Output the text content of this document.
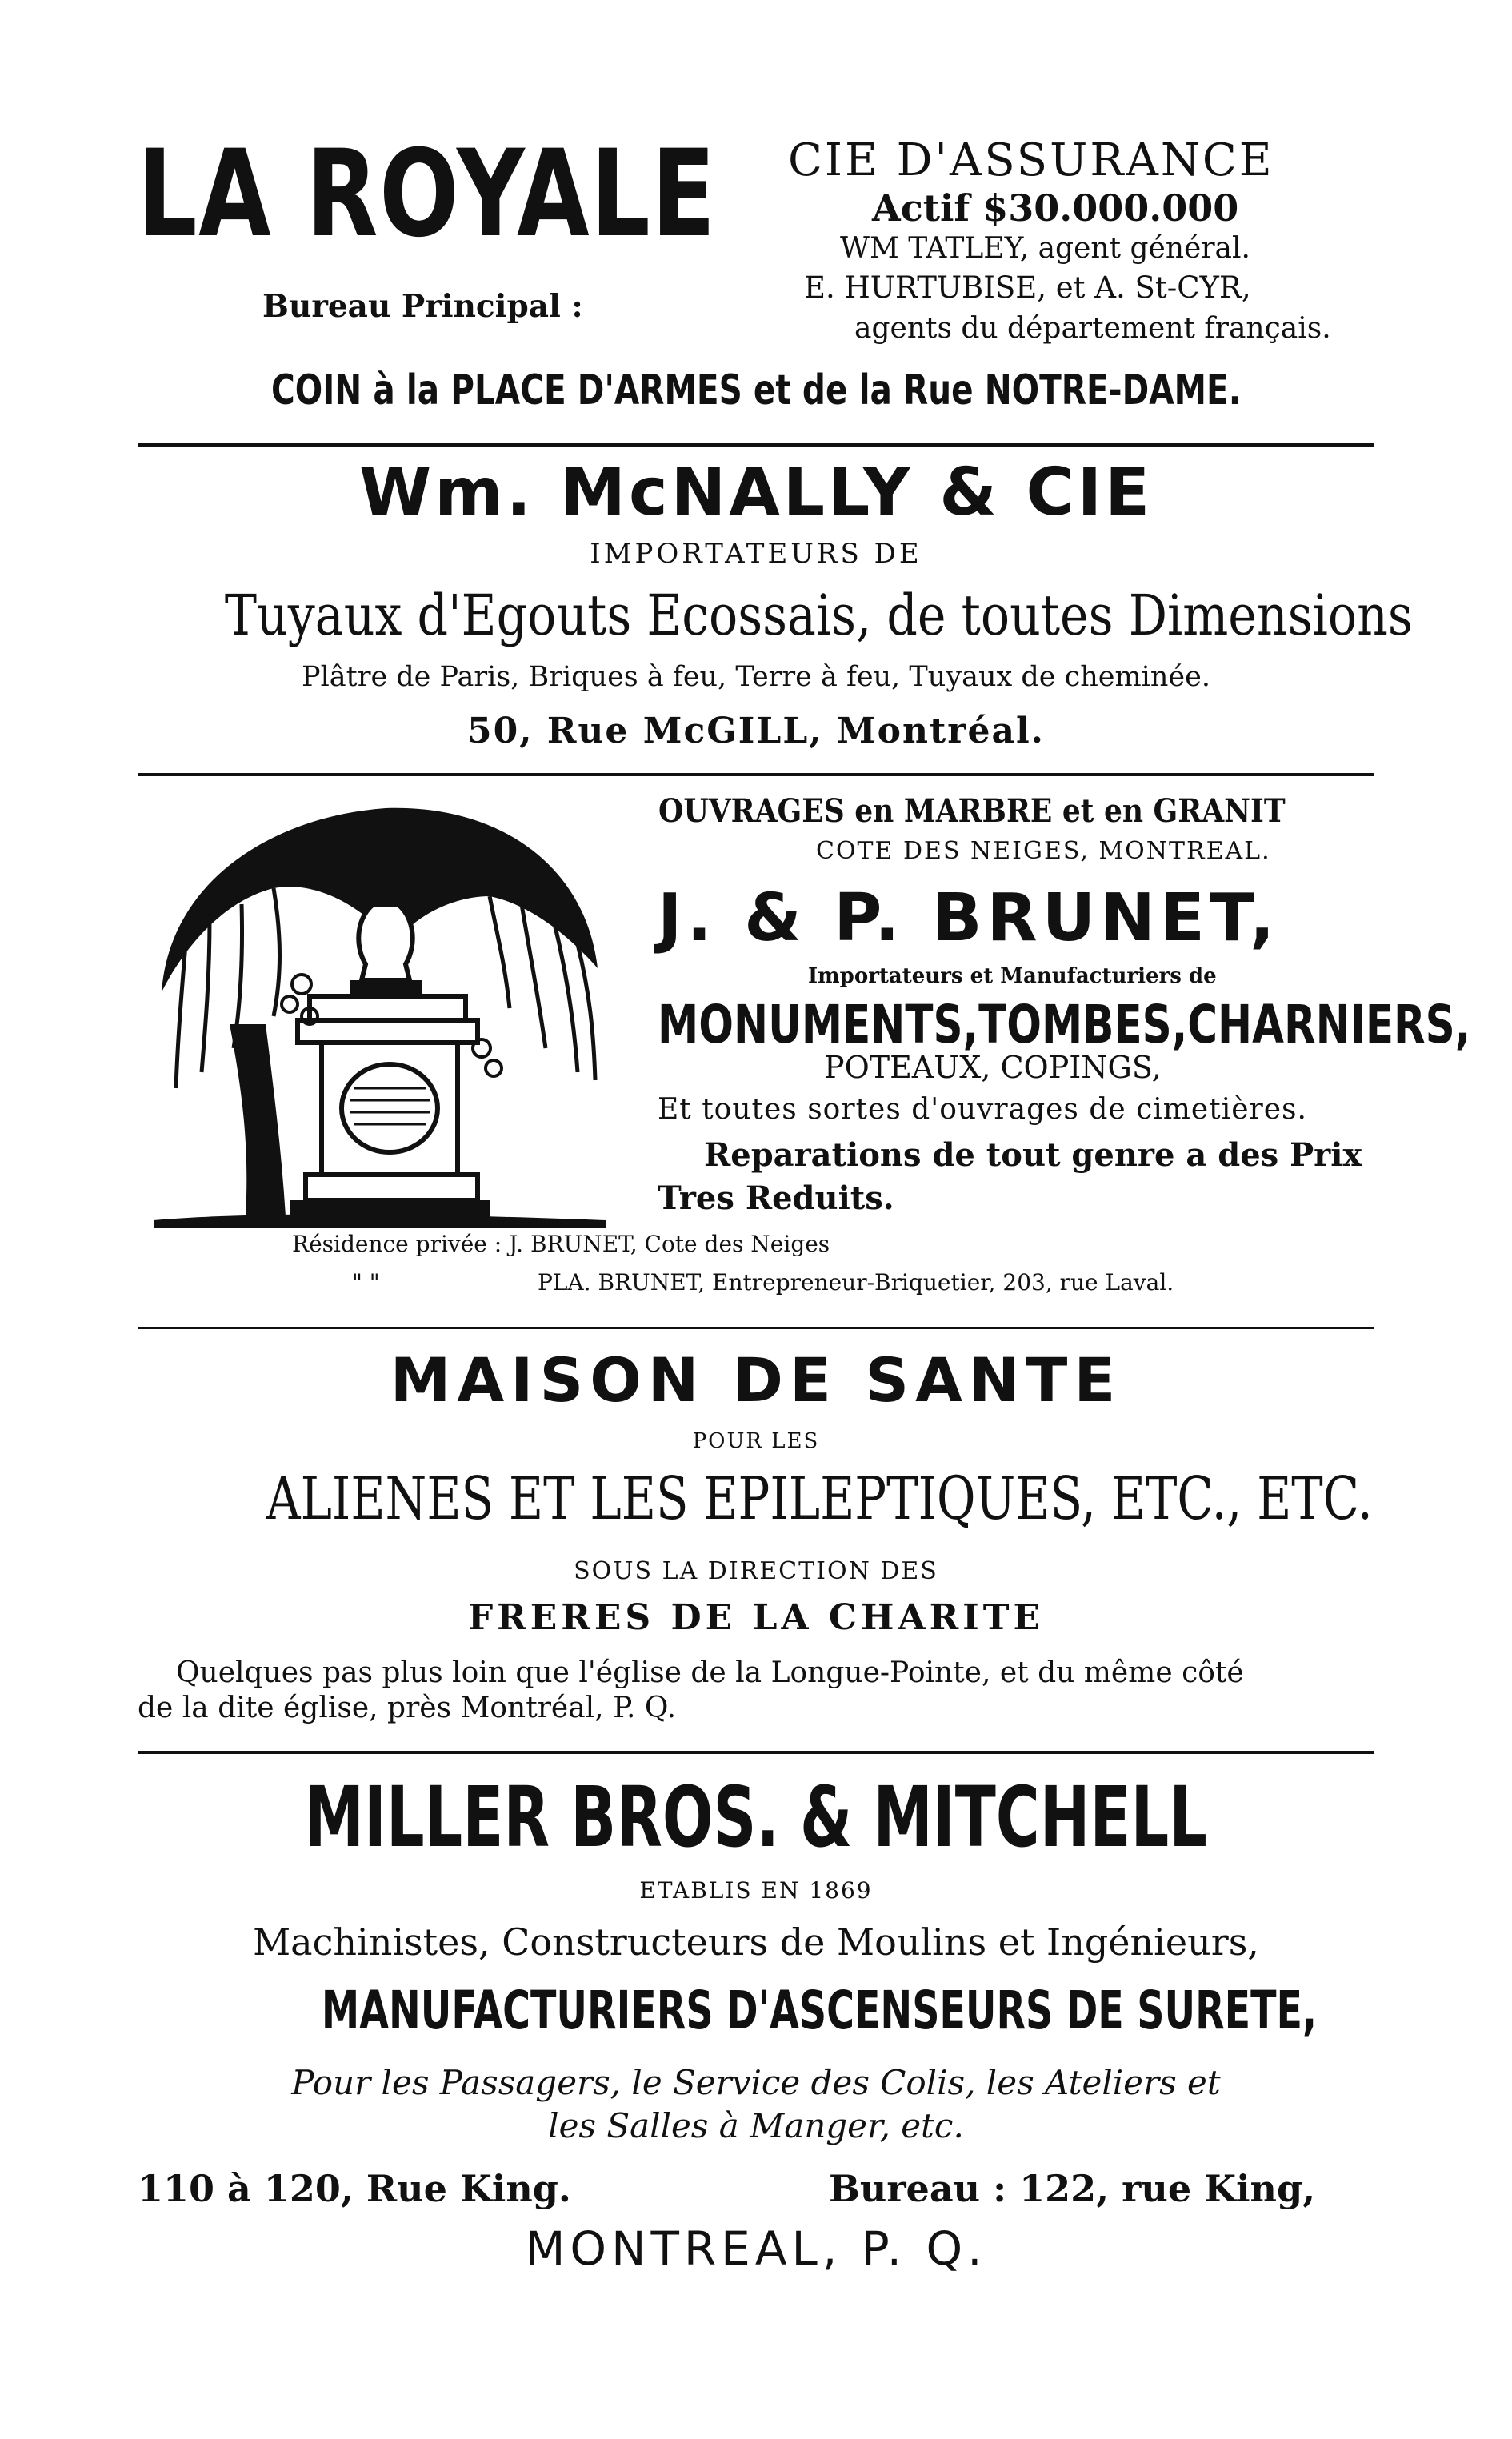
LA ROYALE CIE D'ASSURANCE
Actif $30.000.000
WM TATLEY, agent général.
E. HURTUBISE, et A. St-CYR,
agents du département français.
Bureau Principal :
COIN à la PLACE D'ARMES et de la Rue NOTRE-DAME.
Wm. McNALLY & CIE
IMPORTATEURS DE
Tuyaux d'Egouts Ecossais, de toutes Dimensions
Plâtre de Paris, Briques à feu, Terre à feu, Tuyaux de cheminée.
50, Rue McGILL, Montréal.
OUVRAGES en MARBRE et en GRANIT
COTE DES NEIGES, MONTREAL.
J. & P. BRUNET,
Importateurs et Manufacturiers de
MONUMENTS,TOMBES,CHARNIERS,
POTEAUX, COPINGS,
Et toutes sortes d'ouvrages de cimetières.
Reparations de tout genre a des Prix
Tres Reduits.
Résidence privée : J. BRUNET, Cote des Neiges
" "	PLA. BRUNET, Entrepreneur-Briquetier, 203, rue Laval.
MAISON DE SANTE
POUR LES
ALIENES ET LES EPILEPTIQUES, ETC., ETC.
SOUS LA DIRECTION DES
FRERES DE LA CHARITE
Quelques pas plus loin que l'église de la Longue-Pointe, et du même côté
de la dite église, près Montréal, P. Q.
MILLER BROS. & MITCHELL
ETABLIS EN 1869
Machinistes, Constructeurs de Moulins et Ingénieurs,
MANUFACTURIERS D'ASCENSEURS DE SURETE,
Pour les Passagers, le Service des Colis, les Ateliers et
les Salles à Manger, etc.
110 à 120, Rue King.	Bureau : 122, rue King,
MONTREAL, P. Q.
